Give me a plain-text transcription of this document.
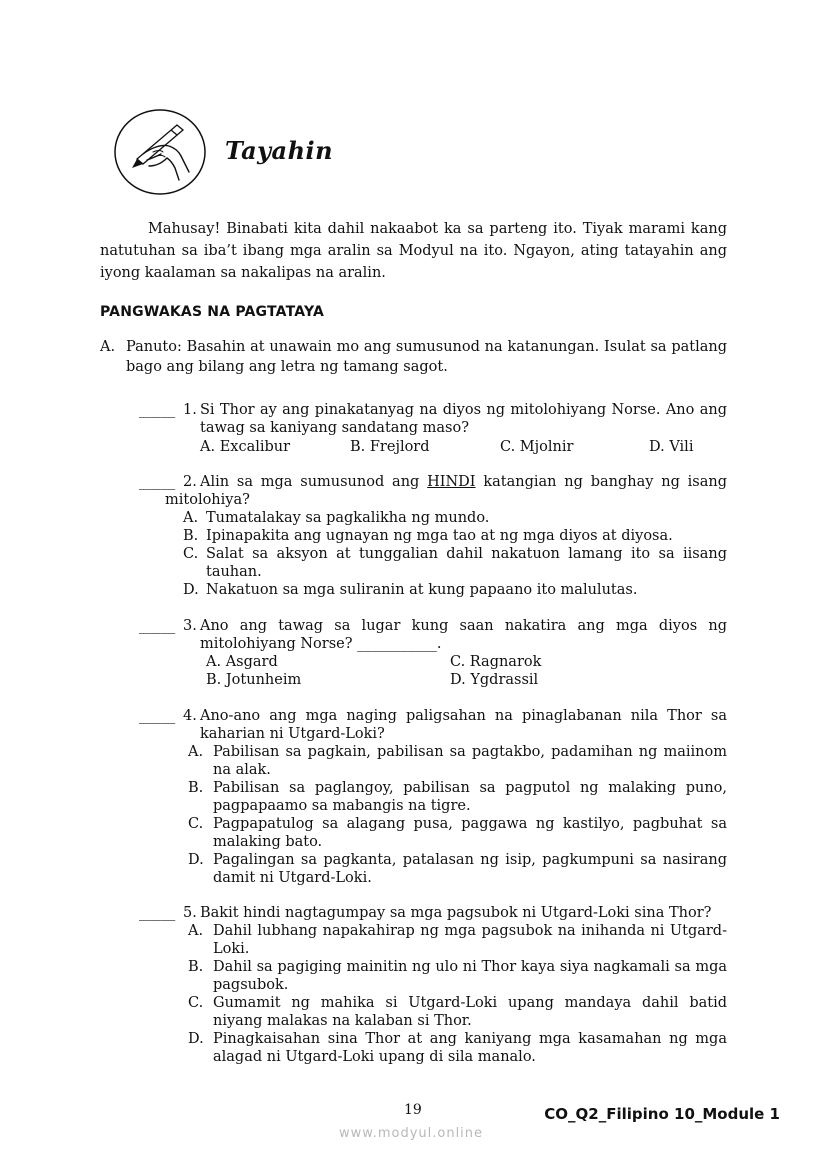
Tayahin

Mahusay! Binabati kita dahil nakaabot ka sa parteng ito. Tiyak marami kang natutuhan sa iba’t ibang mga aralin sa Modyul na ito. Ngayon, ating tatayahin ang iyong kaalaman sa nakalipas na aralin.

PANGWAKAS NA PAGTATAYA
A. Panuto: Basahin at unawain mo ang sumusunod na katanungan. Isulat sa patlang bago ang bilang ang letra ng tamang sagot.
_____ 1. Si Thor ay ang pinakatanyag na diyos ng mitolohiyang Norse. Ano ang tawag sa kaniyang sandatang maso?
A. Excalibur	B. Frejlord	C. Mjolnir	D. Vili
_____ 2. Alin sa mga sumusunod ang HINDI katangian ng banghay ng isang mitolohiya?
A. Tumatalakay sa pagkalikha ng mundo.
B. Ipinapakita ang ugnayan ng mga tao at ng mga diyos at diyosa.
C. Salat sa aksyon at tunggalian dahil nakatuon lamang ito sa iisang tauhan.
D. Nakatuon sa mga suliranin at kung papaano ito malulutas.
_____ 3. Ano ang tawag sa lugar kung saan nakatira ang mga diyos ng mitolohiyang Norse? ___________.
A. Asgard	C. Ragnarok
B. Jotunheim	D. Ygdrassil
_____ 4. Ano-ano ang mga naging paligsahan na pinaglabanan nila Thor sa kaharian ni Utgard-Loki?
A. Pabilisan sa pagkain, pabilisan sa pagtakbo, padamihan ng maiinom na alak.
B. Pabilisan sa paglangoy, pabilisan sa pagputol ng malaking puno, pagpapaamo sa mabangis na tigre.
C. Pagpapatulog sa alagang pusa, paggawa ng kastilyo, pagbuhat sa malaking bato.
D. Pagalingan sa pagkanta, patalasan ng isip, pagkumpuni sa nasirang damit ni Utgard-Loki.
_____ 5. Bakit hindi nagtagumpay sa mga pagsubok ni Utgard-Loki sina Thor?
A. Dahil lubhang napakahirap ng mga pagsubok na inihanda ni Utgard-Loki.
B. Dahil sa pagiging mainitin ng ulo ni Thor kaya siya nagkamali sa mga pagsubok.
C. Gumamit ng mahika si Utgard-Loki upang mandaya dahil batid niyang malakas na kalaban si Thor.
D. Pinagkaisahan sina Thor at ang kaniyang mga kasamahan ng mga alagad ni Utgard-Loki upang di sila manalo.
19	CO_Q2_Filipino 10_Module 1
www.modyul.online
